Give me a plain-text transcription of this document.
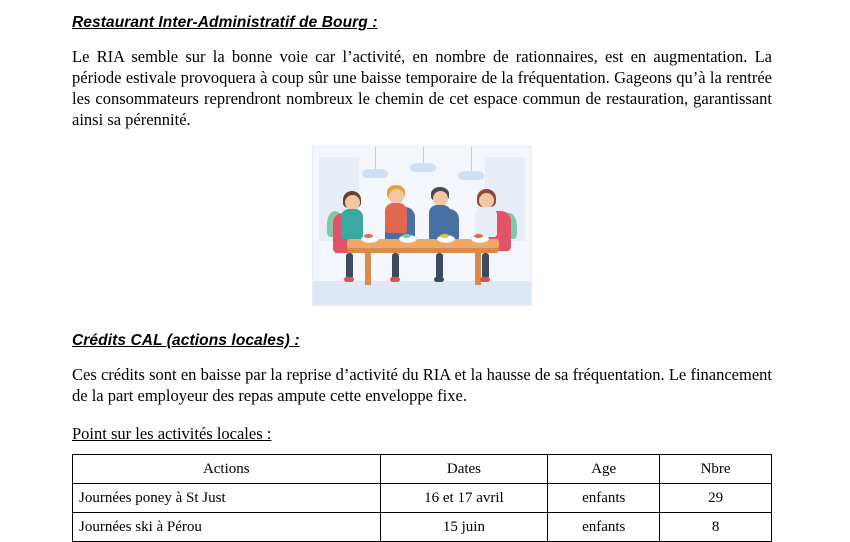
Restaurant Inter-Administratif de Bourg :

Le RIA semble sur la bonne voie car l’activité, en nombre de rationnaires, est en augmentation. La période estivale provoquera à coup sûr une baisse temporaire de la fréquentation. Gageons qu’à la rentrée les consommateurs reprendront nombreux le chemin de cet espace commun de restauration, garantissant ainsi sa pérennité.

Crédits CAL (actions locales) :

Ces crédits sont en baisse par la reprise d’activité du RIA et la hausse de sa fréquentation. Le financement de la part employeur des repas ampute cette enveloppe fixe.

Point sur les activités locales :

Actions	Dates	Age	Nbre
Journées poney à St Just	16 et 17 avril	enfants	29
Journées ski à Pérou	15 juin	enfants	8
